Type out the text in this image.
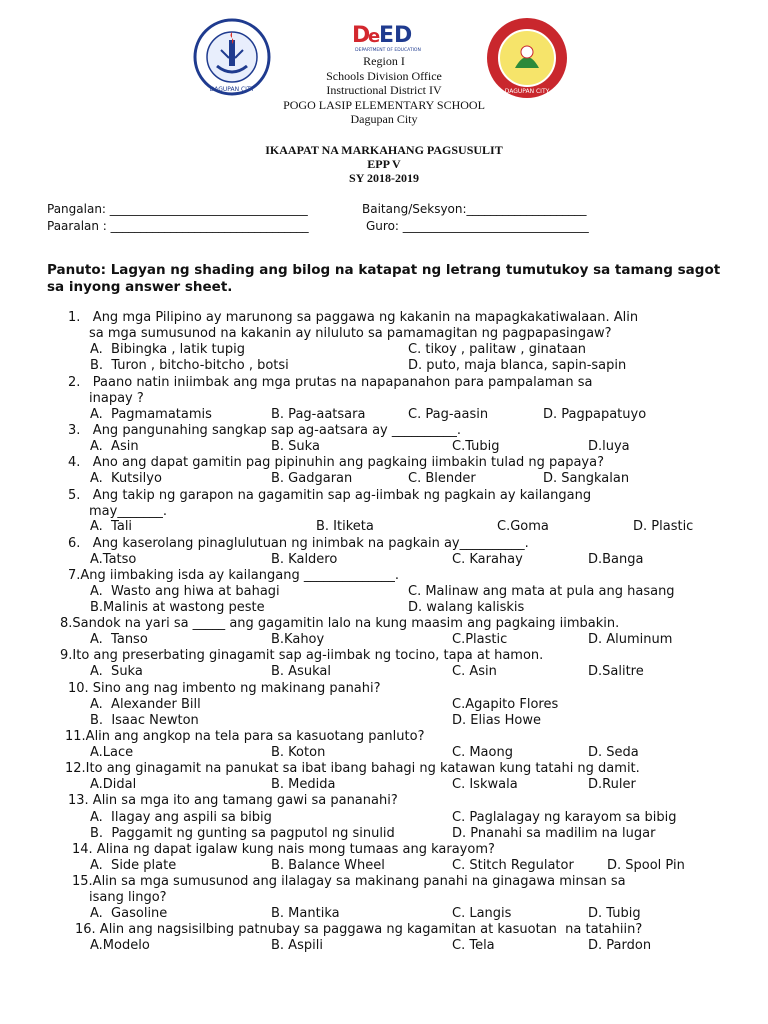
DAGUPAN CITY
D
e
ED
DEPARTMENT OF EDUCATION
DAGUPAN CITY
Region I
Schools Division Office
Instructional District IV
POGO LASIP ELEMENTARY SCHOOL
Dagupan City
IKAAPAT NA MARKAHANG PAGSUSULIT
EPP V
SY 2018-2019
Pangalan: _________________________________	Baitang/Seksyon:____________________
Paaralan : _________________________________	Guro: _______________________________
Panuto: Lagyan ng shading ang bilog na katapat ng letrang tumutukoy sa tamang sagot sa inyong answer sheet.
1.   Ang mga Pilipino ay marunong sa paggawa ng kakanin na mapagkakatiwalaan. Alin
sa mga sumusunod na kakanin ay niluluto sa pamamagitan ng pagpapasingaw?
A.  Bibingka , latik tupig	C. tikoy , palitaw , ginataan
B.  Turon , bitcho-bitcho , botsi	D. puto, maja blanca, sapin-sapin
2.   Paano natin iniimbak ang mga prutas na napapanahon para pampalaman sa
inapay ?
A.  Pagmamatamis	B. Pag-aatsara	C. Pag-aasin	D. Pagpapatuyo
3.   Ang pangunahing sangkap sap ag-aatsara ay __________.
A.  Asin	B. Suka	C.Tubig	D.luya
4.   Ano ang dapat gamitin pag pipinuhin ang pagkaing iimbakin tulad ng papaya?
A.  Kutsilyo	B. Gadgaran	C. Blender	D. Sangkalan
5.   Ang takip ng garapon na gagamitin sap ag-iimbak ng pagkain ay kailangang
may_______.
A.  Tali	B. Itiketa	C.Goma	D. Plastic
6.   Ang kaserolang pinaglulutuan ng inimbak na pagkain ay__________.
A.Tatso	B. Kaldero	C. Karahay	D.Banga
7.Ang iimbaking isda ay kailangang ______________.
A.  Wasto ang hiwa at bahagi	C. Malinaw ang mata at pula ang hasang
B.Malinis at wastong peste	D. walang kaliskis
8.Sandok na yari sa _____ ang gagamitin lalo na kung maasim ang pagkaing iimbakin.
A.  Tanso	B.Kahoy	C.Plastic	D. Aluminum
9.Ito ang preserbating ginagamit sap ag-iimbak ng tocino, tapa at hamon.
A.  Suka	B. Asukal	C. Asin	D.Salitre
10. Sino ang nag imbento ng makinang panahi?
A.  Alexander Bill	C.Agapito Flores
B.  Isaac Newton	D. Elias Howe
11.Alin ang angkop na tela para sa kasuotang panluto?
A.Lace	B. Koton	C. Maong	D. Seda
12.Ito ang ginagamit na panukat sa ibat ibang bahagi ng katawan kung tatahi ng damit.
A.Didal	B. Medida	C. Iskwala	D.Ruler
13. Alin sa mga ito ang tamang gawi sa pananahi?
A.  Ilagay ang aspili sa bibig	C. Paglalagay ng karayom sa bibig
B.  Paggamit ng gunting sa pagputol ng sinulid	D. Pnanahi sa madilim na lugar
14. Alina ng dapat igalaw kung nais mong tumaas ang karayom?
A.  Side plate	B. Balance Wheel	C. Stitch Regulator	D. Spool Pin
15.Alin sa mga sumusunod ang ilalagay sa makinang panahi na ginagawa minsan sa
isang lingo?
A.  Gasoline	B. Mantika	C. Langis	D. Tubig
16. Alin ang nagsisilbing patnubay sa paggawa ng kagamitan at kasuotan  na tatahiin?
A.Modelo	B. Aspili	C. Tela	D. Pardon
